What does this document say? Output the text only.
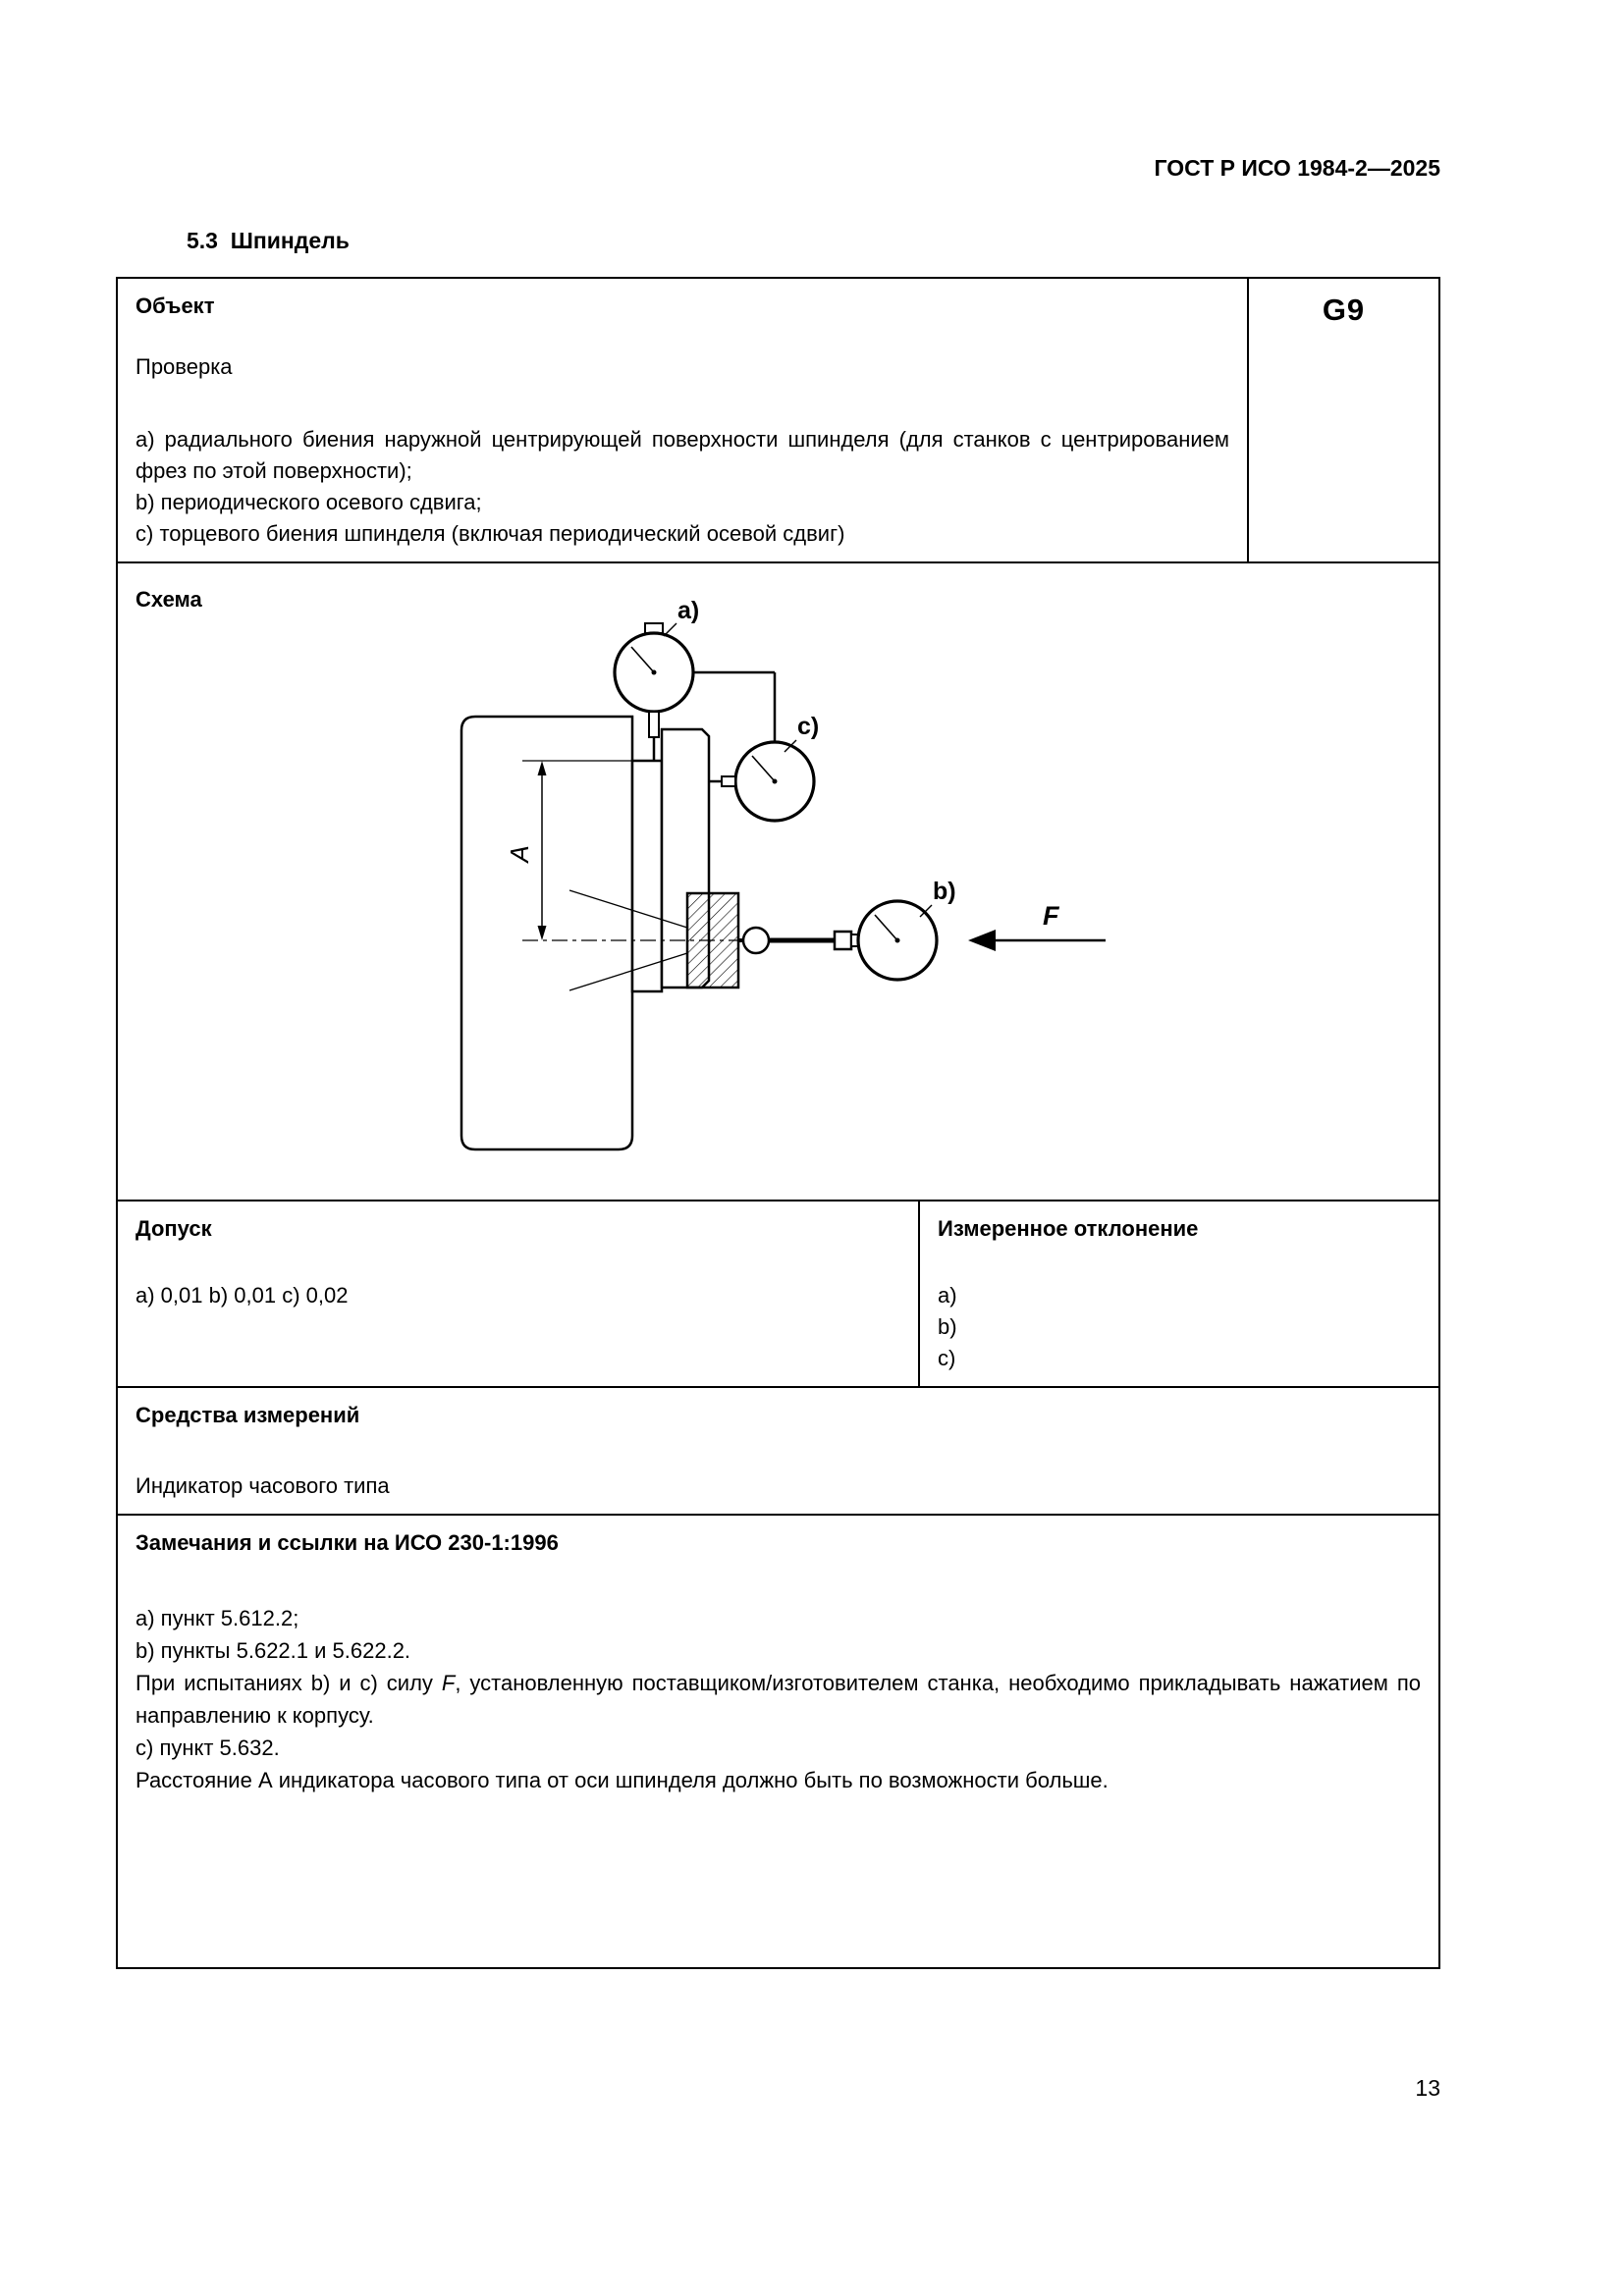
ГОСТ Р ИСО 1984-2—2025
5.3  Шпиндель
Объект
Проверка

a) радиального биения наружной центрирующей поверхности шпинделя (для станков с центрированием фрез по этой поверхности);

b) периодического осевого сдвига;

c) торцевого биения шпинделя (включая периодический осевой сдвиг)

G9
Схема
A
a)
c)
b)
F
Допуск
a) 0,01 b) 0,01 c) 0,02
Измеренное отклонение
a)
b)
c)
Средства измерений
Индикатор часового типа
Замечания и ссылки на ИСО 230-1:1996

a) пункт 5.612.2;

b) пункты 5.622.1 и 5.622.2.

При испытаниях b) и c) силу F, установленную поставщиком/изготовителем станка, необходимо прикладывать нажатием по направлению к корпусу.

c) пункт 5.632.

Расстояние А индикатора часового типа от оси шпинделя должно быть по возможности больше.

13
